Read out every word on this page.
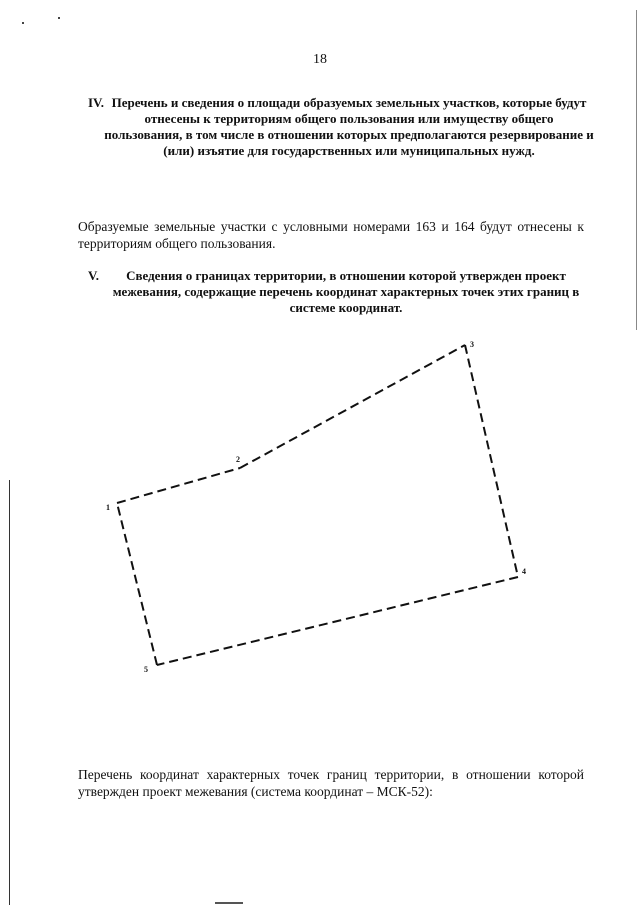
18
IV. Перечень и сведения о площади образуемых земельных участков, которые будут отнесены к территориям общего пользования или имуществу общего пользования, в том числе в отношении которых предполагаются резервирование и (или) изъятие для государственных или муниципальных нужд.
Образуемые земельные участки с условными номерами 163 и 164 будут отнесены к территориям общего пользования.
V.	Сведения о границах территории, в отношении которой утвержден проект межевания, содержащие перечень координат характерных точек этих границ в системе координат.
1
2
3
4
5
Перечень координат характерных точек границ территории, в отношении которой утвержден проект межевания (система координат – МСК-52):
